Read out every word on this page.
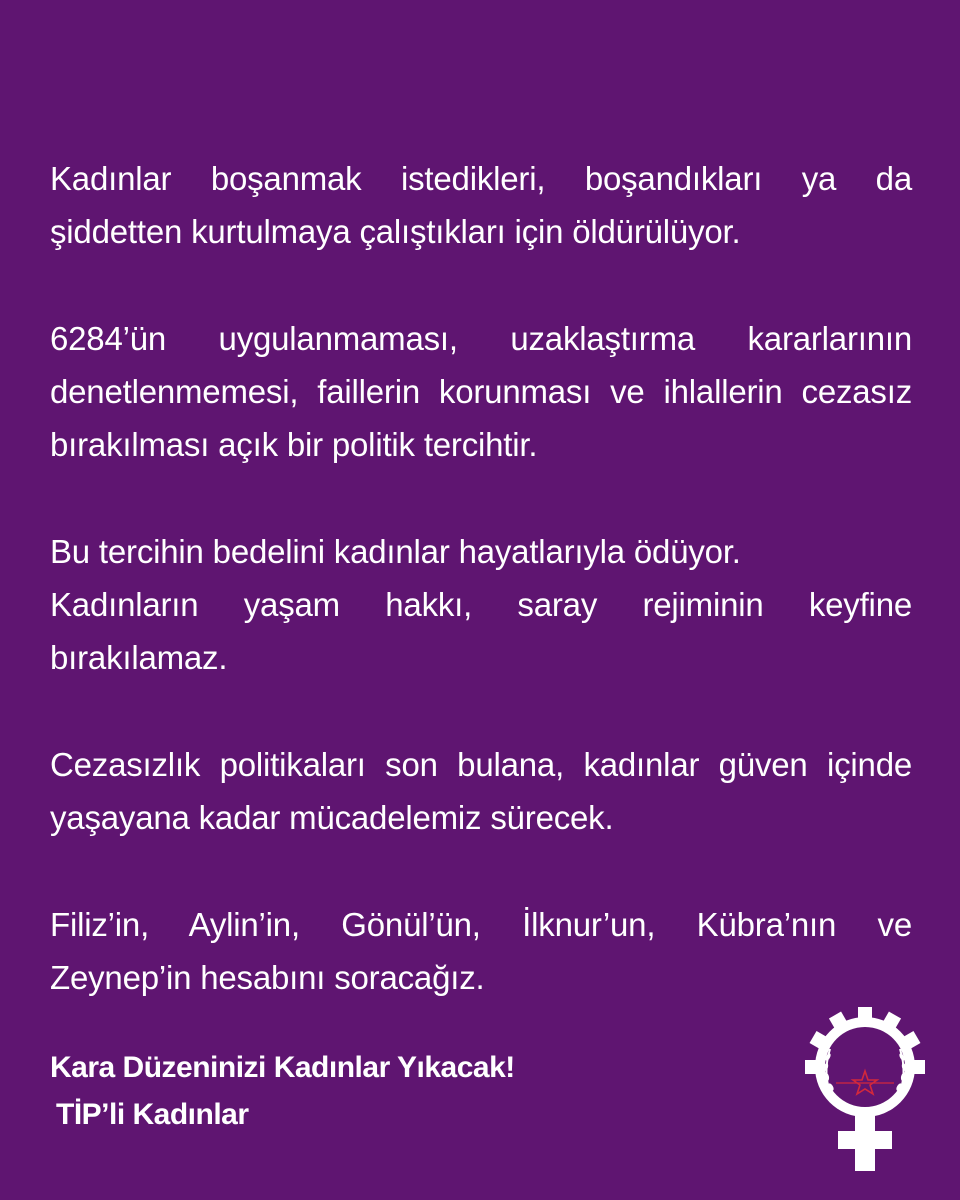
Kadınlar boşanmak istedikleri, boşandıkları ya da
şiddetten kurtulmaya çalıştıkları için öldürülüyor.
6284’ün uygulanmaması, uzaklaştırma kararlarının
denetlenmemesi, faillerin korunması ve ihlallerin cezasız
bırakılması açık bir politik tercihtir.
Bu tercihin bedelini kadınlar hayatlarıyla ödüyor.
Kadınların yaşam hakkı, saray rejiminin keyfine
bırakılamaz.
Cezasızlık politikaları son bulana, kadınlar güven içinde
yaşayana kadar mücadelemiz sürecek.
Filiz’in, Aylin’in, Gönül’ün, İlknur’un, Kübra’nın ve
Zeynep’in hesabını soracağız.
Kara Düzeninizi Kadınlar Yıkacak!
TİP’li Kadınlar
